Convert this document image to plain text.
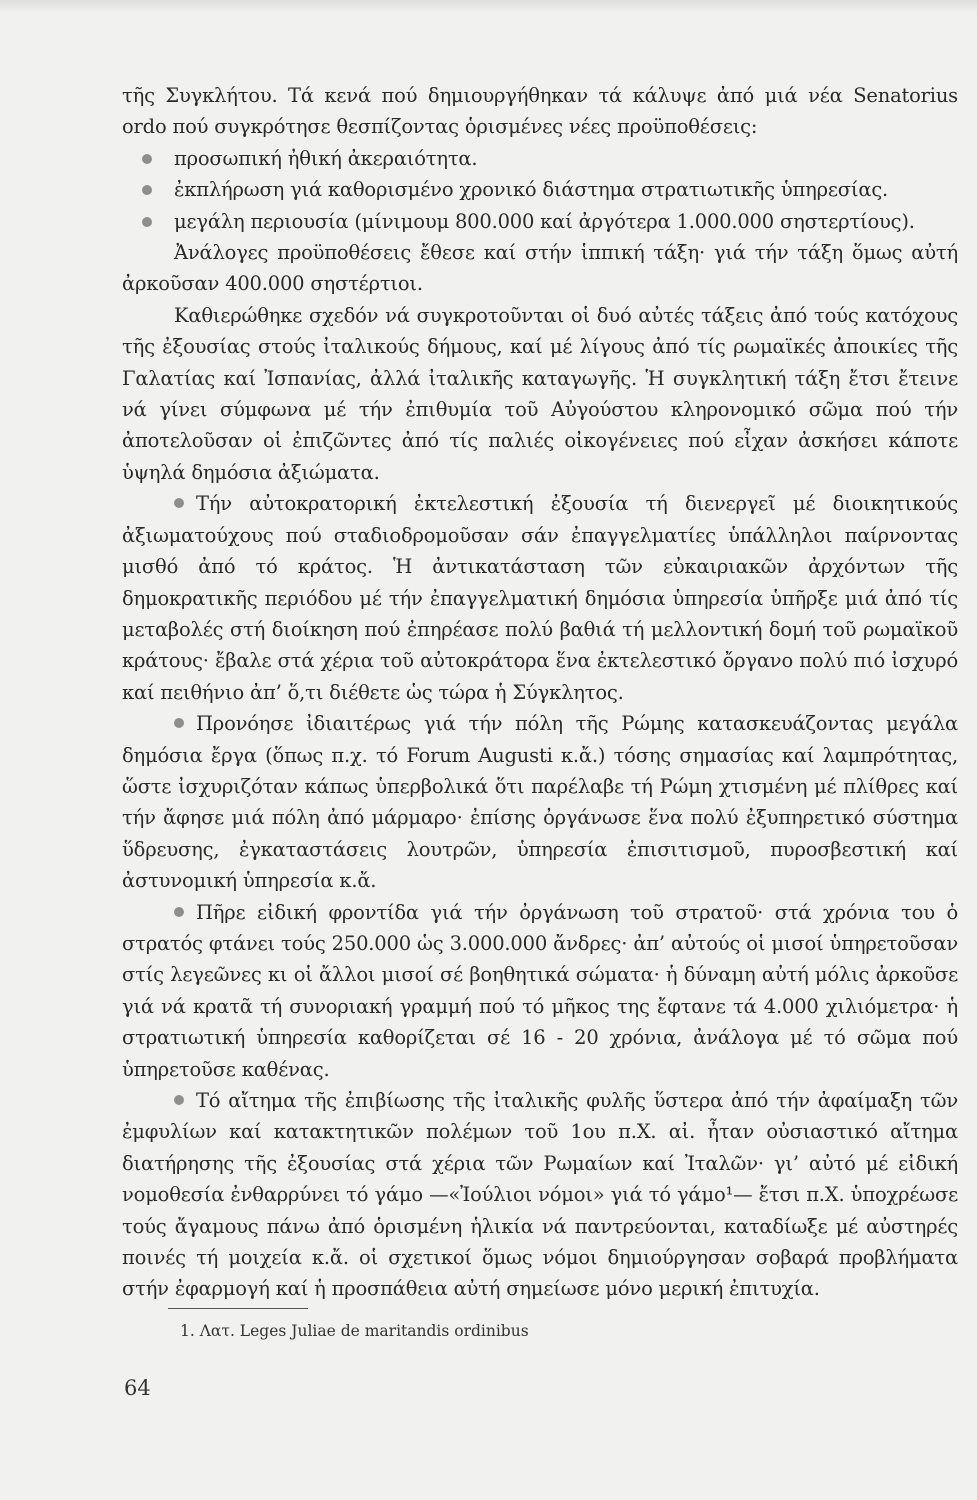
τῆς Συγκλήτου. Τά κενά πού δημιουργήθηκαν τά κάλυψε ἀπό μιά νέα Senatorius ordo πού συγκρότησε θεσπίζοντας ὁρισμένες νέες προϋποθέσεις:

προσωπική ἠθική ἀκεραιότητα.
ἐκπλήρωση γιά καθορισμένο χρονικό διάστημα στρατιωτικῆς ὑπηρεσίας.
μεγάλη περιουσία (μίνιμουμ 800.000 καί ἀργότερα 1.000.000 σηστερτίους).

Ἀνάλογες προϋποθέσεις ἔθεσε καί στήν ἱππική τάξη· γιά τήν τάξη ὅμως αὐτή ἀρκοῦσαν 400.000 σηστέρτιοι.

Καθιερώθηκε σχεδόν νά συγκροτοῦνται οἱ δυό αὐτές τάξεις ἀπό τούς κατόχους τῆς ἐξουσίας στούς ἰταλικούς δήμους, καί μέ λίγους ἀπό τίς ρωμαϊκές ἀποικίες τῆς Γαλατίας καί Ἰσπανίας, ἀλλά ἰταλικῆς καταγωγῆς. Ἡ συγκλητική τάξη ἔτσι ἔτεινε νά γίνει σύμφωνα μέ τήν ἐπιθυμία τοῦ Αὐγούστου κληρονομικό σῶμα πού τήν ἀποτελοῦσαν οἱ ἐπιζῶντες ἀπό τίς παλιές οἰκογένειες πού εἶχαν ἀσκήσει κάποτε ὑψηλά δημόσια ἀξιώματα.

Τήν αὐτοκρατορική ἐκτελεστική ἐξουσία τή διενεργεῖ μέ διοικητικούς ἀξιωματούχους πού σταδιοδρομοῦσαν σάν ἐπαγγελματίες ὑπάλληλοι παίρνοντας μισθό ἀπό τό κράτος. Ἡ ἀντικατάσταση τῶν εὐκαιριακῶν ἀρχόντων τῆς δημοκρατικῆς περιόδου μέ τήν ἐπαγγελματική δημόσια ὑπηρεσία ὑπῆρξε μιά ἀπό τίς μεταβολές στή διοίκηση πού ἐπηρέασε πολύ βαθιά τή μελλοντική δομή τοῦ ρωμαϊκοῦ κράτους· ἔβαλε στά χέρια τοῦ αὐτοκράτορα ἕνα ἐκτελεστικό ὄργανο πολύ πιό ἰσχυρό καί πειθήνιο ἀπ’ ὅ,τι διέθετε ὡς τώρα ἡ Σύγκλητος.

Προνόησε ἰδιαιτέρως γιά τήν πόλη τῆς Ρώμης κατασκευάζοντας μεγάλα δημόσια ἔργα (ὅπως π.χ. τό Forum Augusti κ.ἄ.) τόσης σημασίας καί λαμπρότητας, ὥστε ἰσχυριζόταν κάπως ὑπερβολικά ὅτι παρέλαβε τή Ρώμη χτισμένη μέ πλίθρες καί τήν ἄφησε μιά πόλη ἀπό μάρμαρο· ἐπίσης ὀργάνωσε ἕνα πολύ ἐξυπηρετικό σύστημα ὕδρευσης, ἐγκαταστάσεις λουτρῶν, ὑπηρεσία ἐπισιτισμοῦ, πυροσβεστική καί ἀστυνομική ὑπηρεσία κ.ἄ.

Πῆρε εἰδική φροντίδα γιά τήν ὀργάνωση τοῦ στρατοῦ· στά χρόνια του ὁ στρατός φτάνει τούς 250.000 ὡς 3.000.000 ἄνδρες· ἀπ’ αὐτούς οἱ μισοί ὑπηρετοῦσαν στίς λεγεῶνες κι οἱ ἄλλοι μισοί σέ βοηθητικά σώματα· ἡ δύναμη αὐτή μόλις ἀρκοῦσε γιά νά κρατᾶ τή συνοριακή γραμμή πού τό μῆκος της ἔφτανε τά 4.000 χιλιόμετρα· ἡ στρατιωτική ὑπηρεσία καθορίζεται σέ 16 - 20 χρόνια, ἀνάλογα μέ τό σῶμα πού ὑπηρετοῦσε καθένας.

Τό αἴτημα τῆς ἐπιβίωσης τῆς ἰταλικῆς φυλῆς ὕστερα ἀπό τήν ἀφαίμαξη τῶν ἐμφυλίων καί κατακτητικῶν πολέμων τοῦ 1ου π.Χ. αἰ. ἦταν οὐσιαστικό αἴτημα διατήρησης τῆς ἐξουσίας στά χέρια τῶν Ρωμαίων καί Ἰταλῶν· γι’ αὐτό μέ εἰδική νομοθεσία ἐνθαρρύνει τό γάμο —«Ἰούλιοι νόμοι» γιά τό γάμο¹— ἔτσι π.Χ. ὑποχρέωσε τούς ἄγαμους πάνω ἀπό ὁρισμένη ἡλικία νά παντρεύονται, καταδίωξε μέ αὐστηρές ποινές τή μοιχεία κ.ἄ. οἱ σχετικοί ὅμως νόμοι δημιούργησαν σοβαρά προβλήματα στήν ἐφαρμογή καί ἡ προσπάθεια αὐτή σημείωσε μόνο μερική ἐπιτυχία.

1. Λατ. Leges Juliae de maritandis ordinibus
64
